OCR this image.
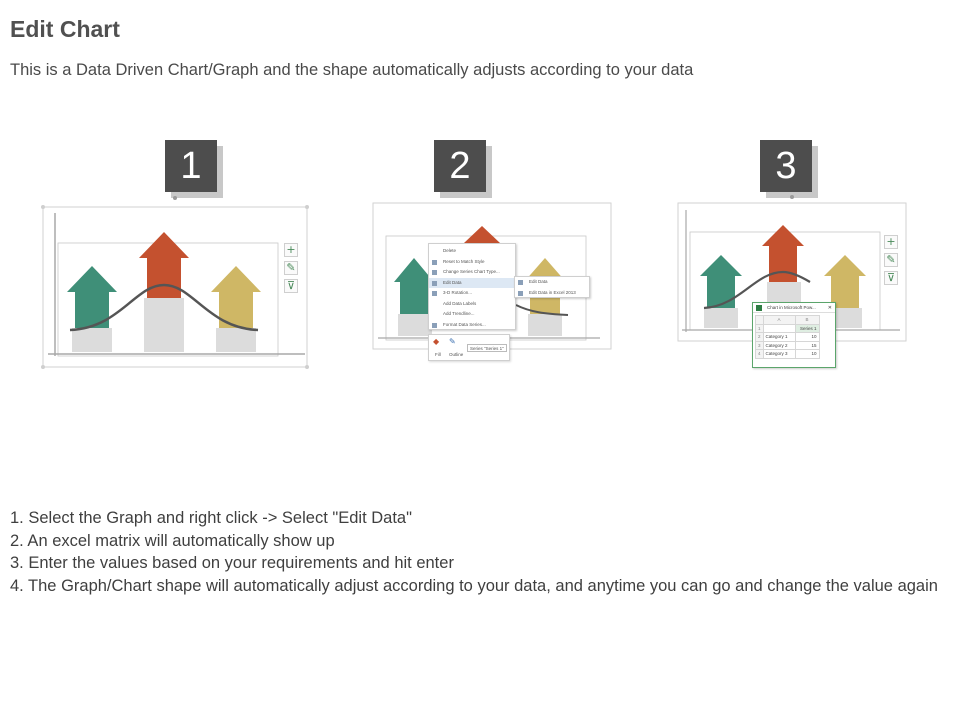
Edit Chart
This is a Data Driven Chart/Graph and the shape automatically adjusts according to your data
1	2	3
+
✎
⊽
Delete
Reset to Match Style
Change Series Chart Type...
Edit Data
3-D Rotation...
Add Data Labels
Add Trendline...
Format Data Series...
Edit Data
Edit Data in Excel 2013
◆ ✎
Fill Outline
Series "Series 1"
+
✎
⊽
Chart in Microsoft Pow... ✕
	A	B
1		Series 1
2	Category 1	10
3	Category 2	15
4	Category 3	10

1. Select the Graph and right click -> Select "Edit Data"

2. An excel matrix will automatically show up

3. Enter the values based on your requirements and hit enter

4. The Graph/Chart shape will automatically adjust according to your data, and anytime you can go and change the value again
